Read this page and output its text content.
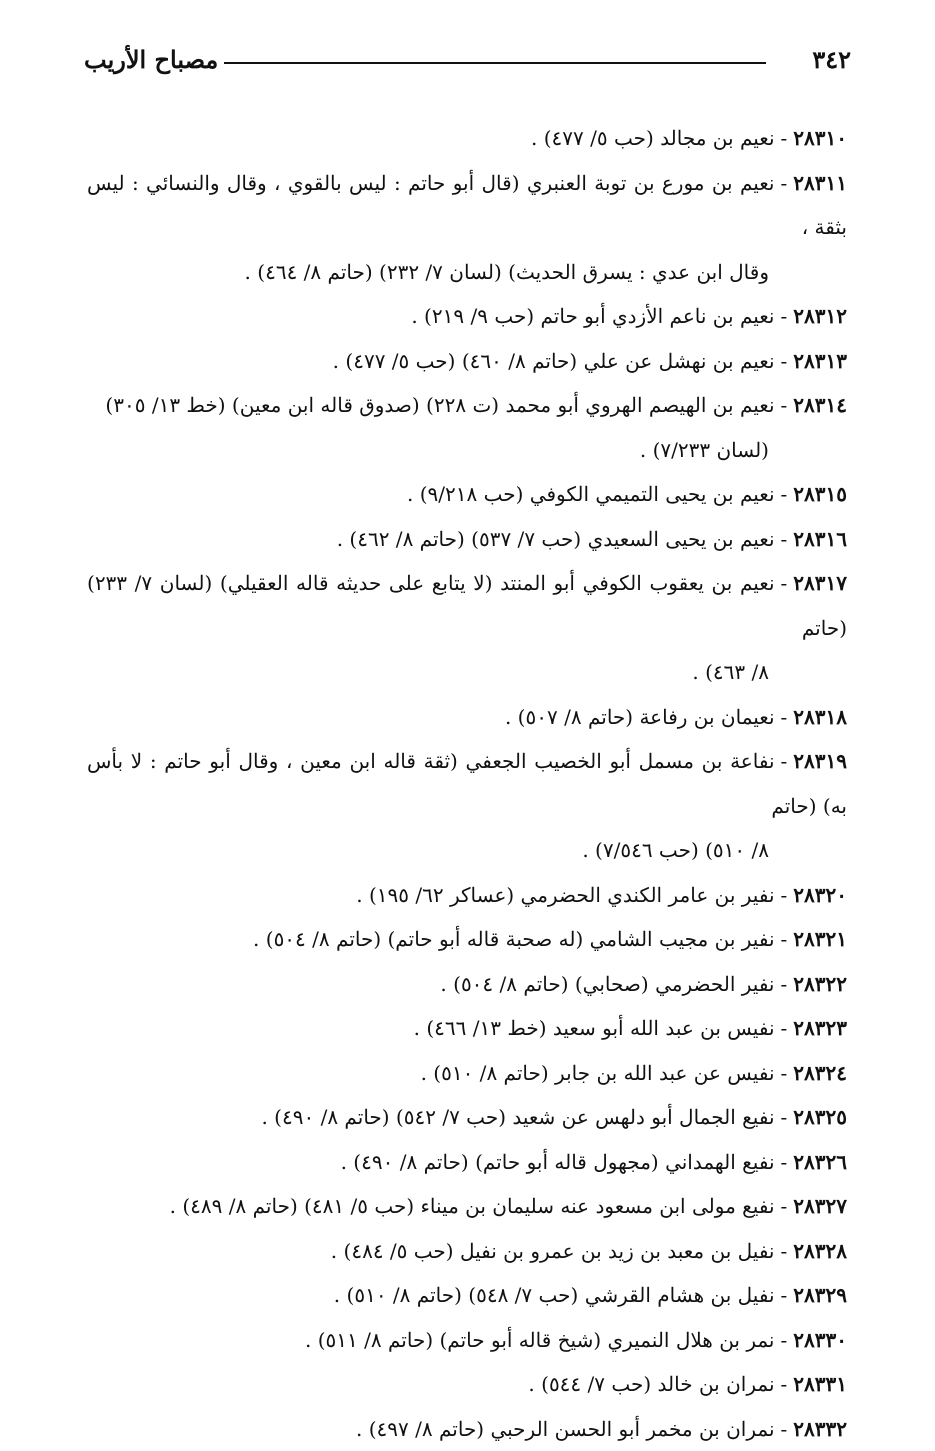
٣٤٢
مصباح الأريب
٢٨٣١٠-نعيم بن مجالد (حب ٥/ ٤٧٧) .
٢٨٣١١-نعيم بن مورع بن توبة العنبري (قال أبو حاتم : ليس بالقوي ، وقال والنسائي : ليس بثقة ،
وقال ابن عدي : يسرق الحديث) (لسان ٧/ ٢٣٢) (حاتم ٨/ ٤٦٤) .
٢٨٣١٢-نعيم بن ناعم الأزدي أبو حاتم (حب ٩/ ٢١٩) .
٢٨٣١٣-نعيم بن نهشل عن علي (حاتم ٨/ ٤٦٠) (حب ٥/ ٤٧٧) .
٢٨٣١٤-نعيم بن الهيصم الهروي أبو محمد (ت ٢٢٨) (صدوق قاله ابن معين) (خط ١٣/ ٣٠٥)
(لسان ٧/٢٣٣) .
٢٨٣١٥-نعيم بن يحيى التميمي الكوفي (حب ٩/٢١٨) .
٢٨٣١٦-نعيم بن يحيى السعيدي (حب ٧/ ٥٣٧) (حاتم ٨/ ٤٦٢) .
٢٨٣١٧-نعيم بن يعقوب الكوفي أبو المنتد (لا يتابع على حديثه قاله العقيلي) (لسان ٧/ ٢٣٣) (حاتم
٨/ ٤٦٣) .
٢٨٣١٨-نعيمان بن رفاعة (حاتم ٨/ ٥٠٧) .
٢٨٣١٩-نفاعة بن مسمل أبو الخصيب الجعفي (ثقة قاله ابن معين ، وقال أبو حاتم : لا بأس به) (حاتم
٨/ ٥١٠) (حب ٧/٥٤٦) .
٢٨٣٢٠-نفير بن عامر الكندي الحضرمي (عساكر ٦٢/ ١٩٥) .
٢٨٣٢١-نفير بن مجيب الشامي (له صحبة قاله أبو حاتم) (حاتم ٨/ ٥٠٤) .
٢٨٣٢٢-نفير الحضرمي (صحابي) (حاتم ٨/ ٥٠٤) .
٢٨٣٢٣-نفيس بن عبد الله أبو سعيد (خط ١٣/ ٤٦٦) .
٢٨٣٢٤-نفيس عن عبد الله بن جابر (حاتم ٨/ ٥١٠) .
٢٨٣٢٥-نفيع الجمال أبو دلهس عن شعيد (حب ٧/ ٥٤٢) (حاتم ٨/ ٤٩٠) .
٢٨٣٢٦-نفيع الهمداني (مجهول قاله أبو حاتم) (حاتم ٨/ ٤٩٠) .
٢٨٣٢٧-نفيع مولى ابن مسعود عنه سليمان بن ميناء (حب ٥/ ٤٨١) (حاتم ٨/ ٤٨٩) .
٢٨٣٢٨-نفيل بن معبد بن زيد بن عمرو بن نفيل (حب ٥/ ٤٨٤) .
٢٨٣٢٩-نفيل بن هشام القرشي (حب ٧/ ٥٤٨) (حاتم ٨/ ٥١٠) .
٢٨٣٣٠-نمر بن هلال النميري (شيخ قاله أبو حاتم) (حاتم ٨/ ٥١١) .
٢٨٣٣١-نمران بن خالد (حب ٧/ ٥٤٤) .
٢٨٣٣٢-نمران بن مخمر أبو الحسن الرحبي (حاتم ٨/ ٤٩٧) .
